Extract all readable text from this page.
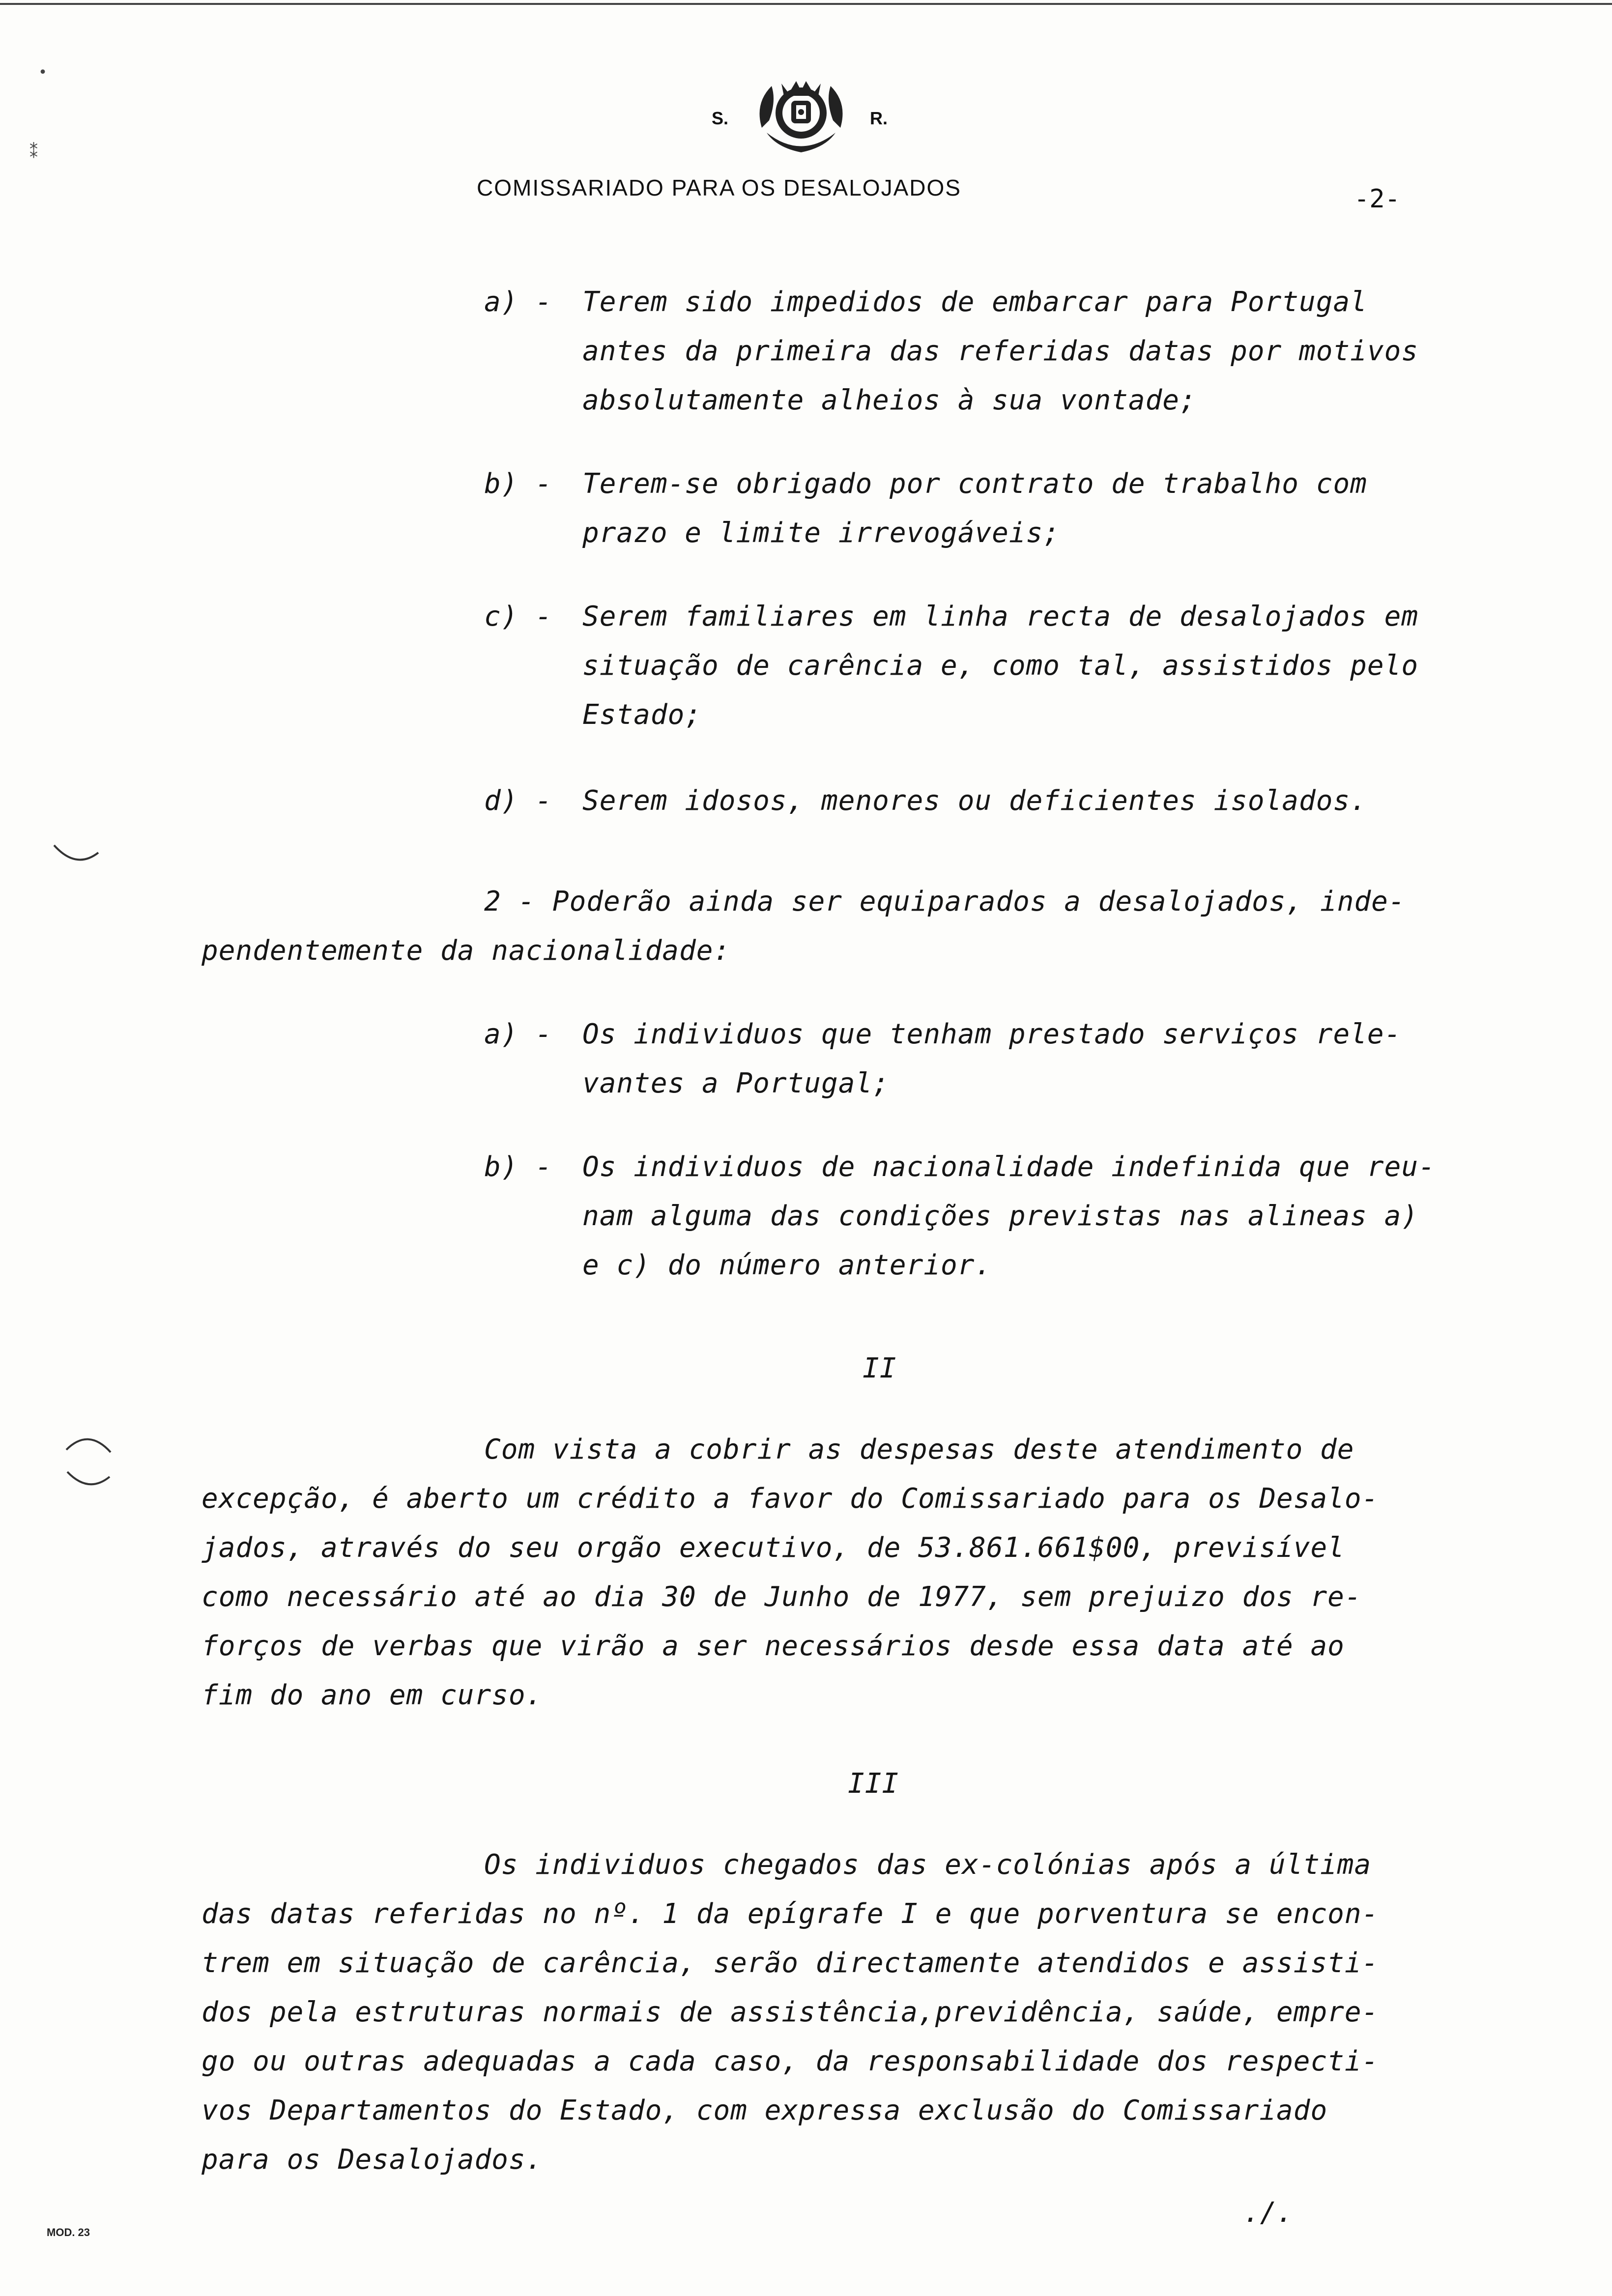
•
⁑
S.	R.
COMISSARIADO PARA OS DESALOJADOS	-2-
a) - Terem sido impedidos de embarcar para Portugal
antes da primeira das referidas datas por motivos
absolutamente alheios à sua vontade;
b) - Terem-se obrigado por contrato de trabalho com
prazo e limite irrevogáveis;
c) - Serem familiares em linha recta de desalojados em
situação de carência e, como tal, assistidos pelo
Estado;
d) - Serem idosos, menores ou deficientes isolados.
2 - Poderão ainda ser equiparados a desalojados, inde-
pendentemente da nacionalidade:
a) - Os individuos que tenham prestado serviços rele-
vantes a Portugal;
b) - Os individuos de nacionalidade indefinida que reu-
nam alguma das condições previstas nas alineas a)
e c) do número anterior.
II
Com vista a cobrir as despesas deste atendimento de
excepção, é aberto um crédito a favor do Comissariado para os Desalo-
jados, através do seu orgão executivo, de 53.861.661$00, previsível
como necessário até ao dia 30 de Junho de 1977, sem prejuizo dos re-
forços de verbas que virão a ser necessários desde essa data até ao
fim do ano em curso.
III
Os individuos chegados das ex-colónias após a última
das datas referidas no nº. 1 da epígrafe I e que porventura se encon-
trem em situação de carência, serão directamente atendidos e assisti-
dos pela estruturas normais de assistência,previdência, saúde, empre-
go ou outras adequadas a cada caso, da responsabilidade dos respecti-
vos Departamentos do Estado, com expressa exclusão do Comissariado
para os Desalojados.
./.
MOD. 23
